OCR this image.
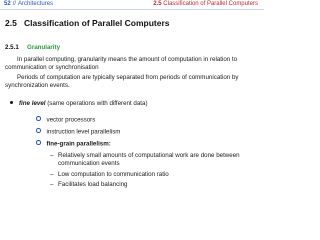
52 // Architectures	2.5 Classification of Parallel Computers
2.5 Classification of Parallel Computers
2.5.1 Granularity
In parallel computing, granularity means the amount of computation in relation to communication or synchronisation
Periods of computation are typically separated from periods of communication by synchronization events.
fine level (same operations with different data)
vector processors
instruction level parallelism
fine-grain parallelism:
– Relatively small amounts of computational work are done between communication events
– Low computation to communication ratio
– Facilitates load balancing
